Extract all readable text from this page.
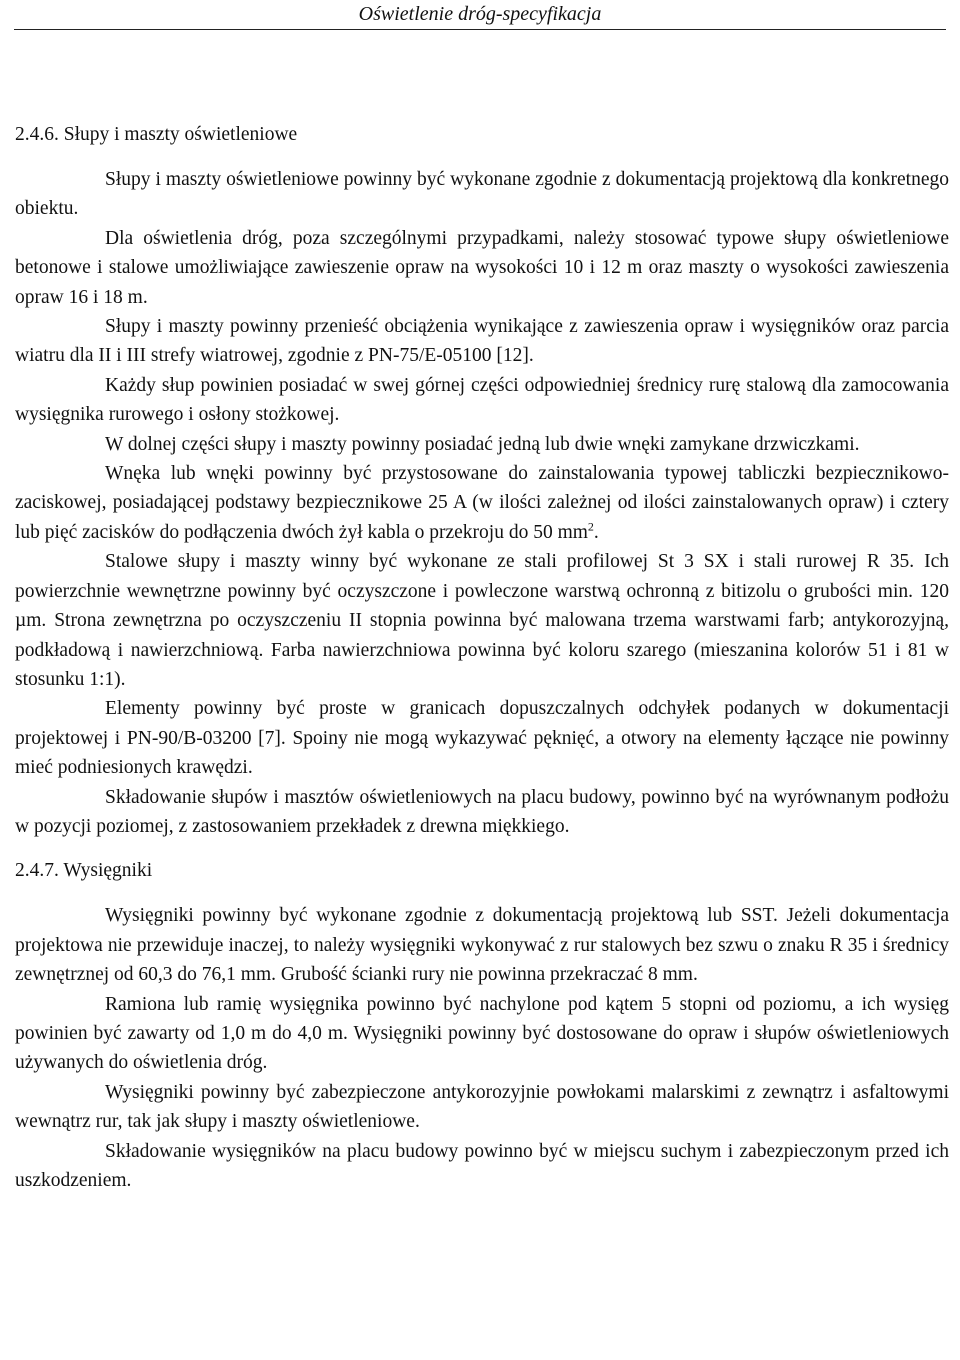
Oświetlenie dróg-specyfikacja

2.4.6. Słupy i maszty oświetleniowe

Słupy i maszty oświetleniowe powinny być wykonane zgodnie z dokumentacją projektową dla konkretnego obiektu.

Dla oświetlenia dróg, poza szczególnymi przypadkami, należy stosować typowe słupy oświetleniowe betonowe i stalowe umożliwiające zawieszenie opraw na wysokości 10 i 12 m oraz maszty o wysokości zawieszenia opraw 16 i 18 m.

Słupy i maszty powinny przenieść obciążenia wynikające z zawieszenia opraw i wysięgników oraz parcia wiatru dla II i III strefy wiatrowej, zgodnie z PN-75/E-05100 [12].

Każdy słup powinien posiadać w swej górnej części odpowiedniej średnicy rurę stalową dla zamocowania wysięgnika rurowego i osłony stożkowej.

W dolnej części słupy i maszty powinny posiadać jedną lub dwie wnęki zamykane drzwiczkami.

Wnęka lub wnęki powinny być przystosowane do zainstalowania typowej tabliczki bezpiecznikowo-zaciskowej, posiadającej podstawy bezpiecznikowe 25 A (w ilości zależnej od ilości zainstalowanych opraw) i cztery lub pięć zacisków do podłączenia dwóch żył kabla o przekroju do 50 $mm^2$.

Stalowe słupy i maszty winny być wykonane ze stali profilowej St 3 SX i stali rurowej R 35. Ich powierzchnie wewnętrzne powinny być oczyszczone i powleczone warstwą ochronną z bitizolu o grubości min. 120 µm. Strona zewnętrzna po oczyszczeniu II stopnia powinna być malowana trzema warstwami farb; antykorozyjną, podkładową i nawierzchniową. Farba nawierzchniowa powinna być koloru szarego (mieszanina kolorów 51 i 81 w stosunku 1:1).

Elementy powinny być proste w granicach dopuszczalnych odchyłek podanych w dokumentacji projektowej i PN-90/B-03200 [7]. Spoiny nie mogą wykazywać pęknięć, a otwory na elementy łączące nie powinny mieć podniesionych krawędzi.

Składowanie słupów i masztów oświetleniowych na placu budowy, powinno być na wyrównanym podłożu w pozycji poziomej, z zastosowaniem przekładek z drewna miękkiego.

2.4.7. Wysięgniki

Wysięgniki powinny być wykonane zgodnie z dokumentacją projektową lub SST. Jeżeli dokumentacja projektowa nie przewiduje inaczej, to należy wysięgniki wykonywać z rur stalowych bez szwu o znaku R 35 i średnicy zewnętrznej od 60,3 do 76,1 mm. Grubość ścianki rury nie powinna przekraczać 8 mm.

Ramiona lub ramię wysięgnika powinno być nachylone pod kątem 5 stopni od poziomu, a ich wysięg powinien być zawarty od 1,0 m do 4,0 m. Wysięgniki powinny być dostosowane do opraw i słupów oświetleniowych używanych do oświetlenia dróg.

Wysięgniki powinny być zabezpieczone antykorozyjnie powłokami malarskimi z zewnątrz i asfaltowymi wewnątrz rur, tak jak słupy i maszty oświetleniowe.

Składowanie wysięgników na placu budowy powinno być w miejscu suchym i zabezpieczonym przed ich uszkodzeniem.
